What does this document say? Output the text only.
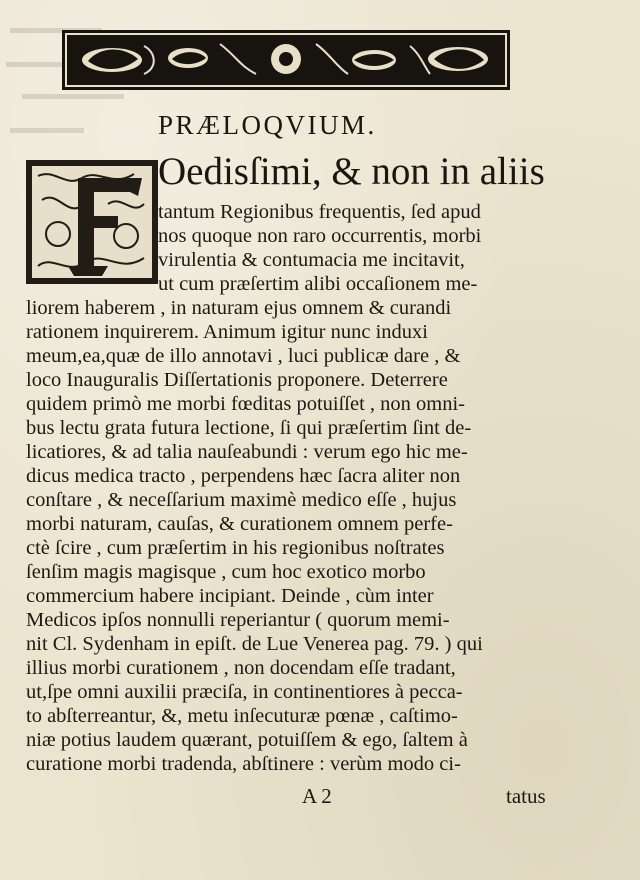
PRÆLOQVIUM.
Oedisſimi, & non in aliis
tantum Regionibus frequentis, ſed apud
nos quoque non raro occurrentis, morbi
virulentia & contumacia me incitavit,
ut cum præſertim alibi occaſionem me-
liorem haberem , in naturam ejus omnem & curandi
rationem inquirerem. Animum igitur nunc induxi
meum,ea,quæ de illo annotavi , luci publicæ dare , &
loco Inauguralis Diſſertationis proponere. Deterrere
quidem primò me morbi fœditas potuiſſet , non omni-
bus lectu grata futura lectione, ſi qui præſertim ſint de-
licatiores, & ad talia nauſeabundi : verum ego hic me-
dicus medica tracto , perpendens hæc ſacra aliter non
conſtare , & neceſſarium maximè medico eſſe , hujus
morbi naturam, cauſas, & curationem omnem perfe-
ctè ſcire , cum præſertim in his regionibus noſtrates
ſenſim magis magisque , cum hoc exotico morbo
commercium habere incipiant. Deinde , cùm inter
Medicos ipſos nonnulli reperiantur ( quorum memi-
nit Cl. Sydenham in epiſt. de Lue Venerea pag. 79. ) qui
illius morbi curationem , non docendam eſſe tradant,
ut,ſpe omni auxilii præciſa, in continentiores à pecca-
to abſterreantur, &, metu inſecuturæ pœnæ , caſtimo-
niæ potius laudem quærant, potuiſſem & ego, ſaltem à
curatione morbi tradenda, abſtinere : verùm modo ci-
A 2	tatus
